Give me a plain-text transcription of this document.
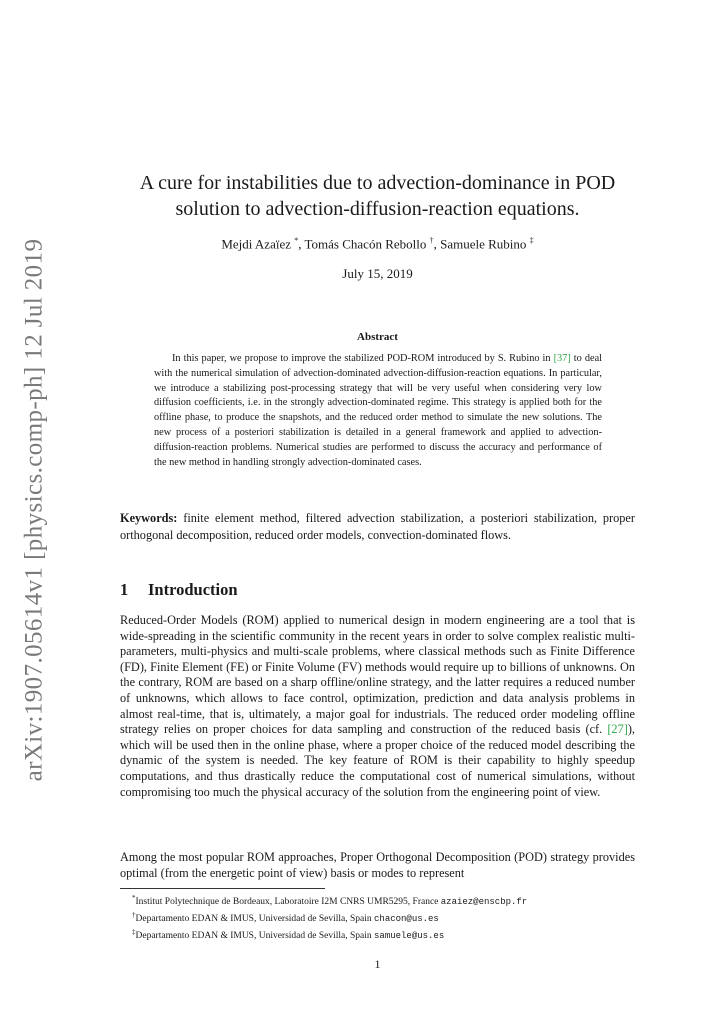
arXiv:1907.05614v1 [physics.comp-ph] 12 Jul 2019
A cure for instabilities due to advection-dominance in POD
solution to advection-diffusion-reaction equations.
Mejdi Azaïez *, Tomás Chacón Rebollo †, Samuele Rubino ‡
July 15, 2019
Abstract

In this paper, we propose to improve the stabilized POD-ROM introduced by S. Rubino in [37] to deal with the numerical simulation of advection-dominated advection-diffusion-reaction equations. In particular, we introduce a stabilizing post-processing strategy that will be very useful when considering very low diffusion coefficients, i.e. in the strongly advection-dominated regime. This strategy is applied both for the offline phase, to produce the snapshots, and the reduced order method to simulate the new solutions. The new process of a posteriori stabilization is detailed in a general framework and applied to advection-diffusion-reaction problems. Numerical studies are performed to discuss the accuracy and performance of the new method in handling strongly advection-dominated cases.

Keywords: finite element method, filtered advection stabilization, a posteriori stabilization, proper orthogonal decomposition, reduced order models, convection-dominated flows.
1 Introduction

Reduced-Order Models (ROM) applied to numerical design in modern engineering are a tool that is wide-spreading in the scientific community in the recent years in order to solve complex realistic multi-parameters, multi-physics and multi-scale problems, where classical methods such as Finite Difference (FD), Finite Element (FE) or Finite Volume (FV) methods would require up to billions of unknowns. On the contrary, ROM are based on a sharp offline/online strategy, and the latter requires a reduced number of unknowns, which allows to face control, optimization, prediction and data analysis problems in almost real-time, that is, ultimately, a major goal for industrials. The reduced order modeling offline strategy relies on proper choices for data sampling and construction of the reduced basis (cf. [27]), which will be used then in the online phase, where a proper choice of the reduced model describing the dynamic of the system is needed. The key feature of ROM is their capability to highly speedup computations, and thus drastically reduce the computational cost of numerical simulations, without compromising too much the physical accuracy of the solution from the engineering point of view.

Among the most popular ROM approaches, Proper Orthogonal Decomposition (POD) strategy provides optimal (from the energetic point of view) basis or modes to represent

*Institut Polytechnique de Bordeaux, Laboratoire I2M CNRS UMR5295, France azaiez@enscbp.fr
†Departamento EDAN & IMUS, Universidad de Sevilla, Spain chacon@us.es
‡Departamento EDAN & IMUS, Universidad de Sevilla, Spain samuele@us.es
1
